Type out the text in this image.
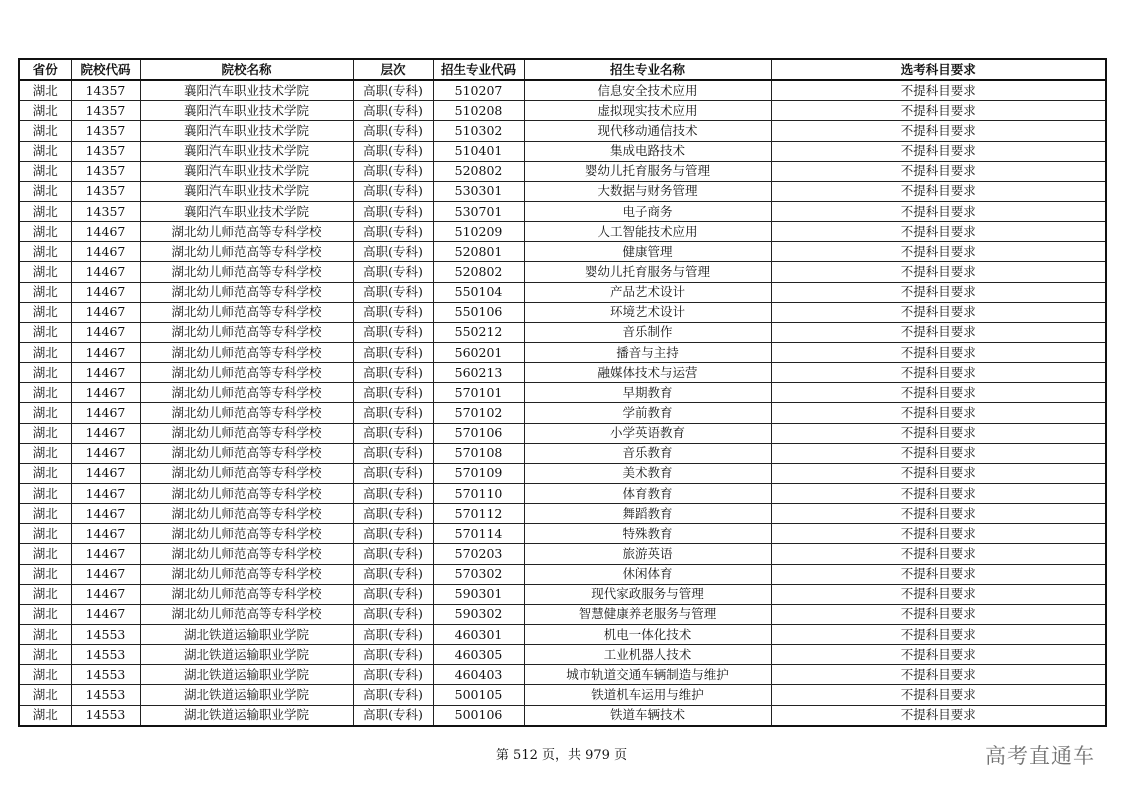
省份	院校代码	院校名称	层次	招生专业代码	招生专业名称	选考科目要求
湖北	14357	襄阳汽车职业技术学院	高职(专科)	510207	信息安全技术应用	不提科目要求
湖北	14357	襄阳汽车职业技术学院	高职(专科)	510208	虚拟现实技术应用	不提科目要求
湖北	14357	襄阳汽车职业技术学院	高职(专科)	510302	现代移动通信技术	不提科目要求
湖北	14357	襄阳汽车职业技术学院	高职(专科)	510401	集成电路技术	不提科目要求
湖北	14357	襄阳汽车职业技术学院	高职(专科)	520802	婴幼儿托育服务与管理	不提科目要求
湖北	14357	襄阳汽车职业技术学院	高职(专科)	530301	大数据与财务管理	不提科目要求
湖北	14357	襄阳汽车职业技术学院	高职(专科)	530701	电子商务	不提科目要求
湖北	14467	湖北幼儿师范高等专科学校	高职(专科)	510209	人工智能技术应用	不提科目要求
湖北	14467	湖北幼儿师范高等专科学校	高职(专科)	520801	健康管理	不提科目要求
湖北	14467	湖北幼儿师范高等专科学校	高职(专科)	520802	婴幼儿托育服务与管理	不提科目要求
湖北	14467	湖北幼儿师范高等专科学校	高职(专科)	550104	产品艺术设计	不提科目要求
湖北	14467	湖北幼儿师范高等专科学校	高职(专科)	550106	环境艺术设计	不提科目要求
湖北	14467	湖北幼儿师范高等专科学校	高职(专科)	550212	音乐制作	不提科目要求
湖北	14467	湖北幼儿师范高等专科学校	高职(专科)	560201	播音与主持	不提科目要求
湖北	14467	湖北幼儿师范高等专科学校	高职(专科)	560213	融媒体技术与运营	不提科目要求
湖北	14467	湖北幼儿师范高等专科学校	高职(专科)	570101	早期教育	不提科目要求
湖北	14467	湖北幼儿师范高等专科学校	高职(专科)	570102	学前教育	不提科目要求
湖北	14467	湖北幼儿师范高等专科学校	高职(专科)	570106	小学英语教育	不提科目要求
湖北	14467	湖北幼儿师范高等专科学校	高职(专科)	570108	音乐教育	不提科目要求
湖北	14467	湖北幼儿师范高等专科学校	高职(专科)	570109	美术教育	不提科目要求
湖北	14467	湖北幼儿师范高等专科学校	高职(专科)	570110	体育教育	不提科目要求
湖北	14467	湖北幼儿师范高等专科学校	高职(专科)	570112	舞蹈教育	不提科目要求
湖北	14467	湖北幼儿师范高等专科学校	高职(专科)	570114	特殊教育	不提科目要求
湖北	14467	湖北幼儿师范高等专科学校	高职(专科)	570203	旅游英语	不提科目要求
湖北	14467	湖北幼儿师范高等专科学校	高职(专科)	570302	休闲体育	不提科目要求
湖北	14467	湖北幼儿师范高等专科学校	高职(专科)	590301	现代家政服务与管理	不提科目要求
湖北	14467	湖北幼儿师范高等专科学校	高职(专科)	590302	智慧健康养老服务与管理	不提科目要求
湖北	14553	湖北铁道运输职业学院	高职(专科)	460301	机电一体化技术	不提科目要求
湖北	14553	湖北铁道运输职业学院	高职(专科)	460305	工业机器人技术	不提科目要求
湖北	14553	湖北铁道运输职业学院	高职(专科)	460403	城市轨道交通车辆制造与维护	不提科目要求
湖北	14553	湖北铁道运输职业学院	高职(专科)	500105	铁道机车运用与维护	不提科目要求
湖北	14553	湖北铁道运输职业学院	高职(专科)	500106	铁道车辆技术	不提科目要求
第 512 页，共 979 页	高考直通车
